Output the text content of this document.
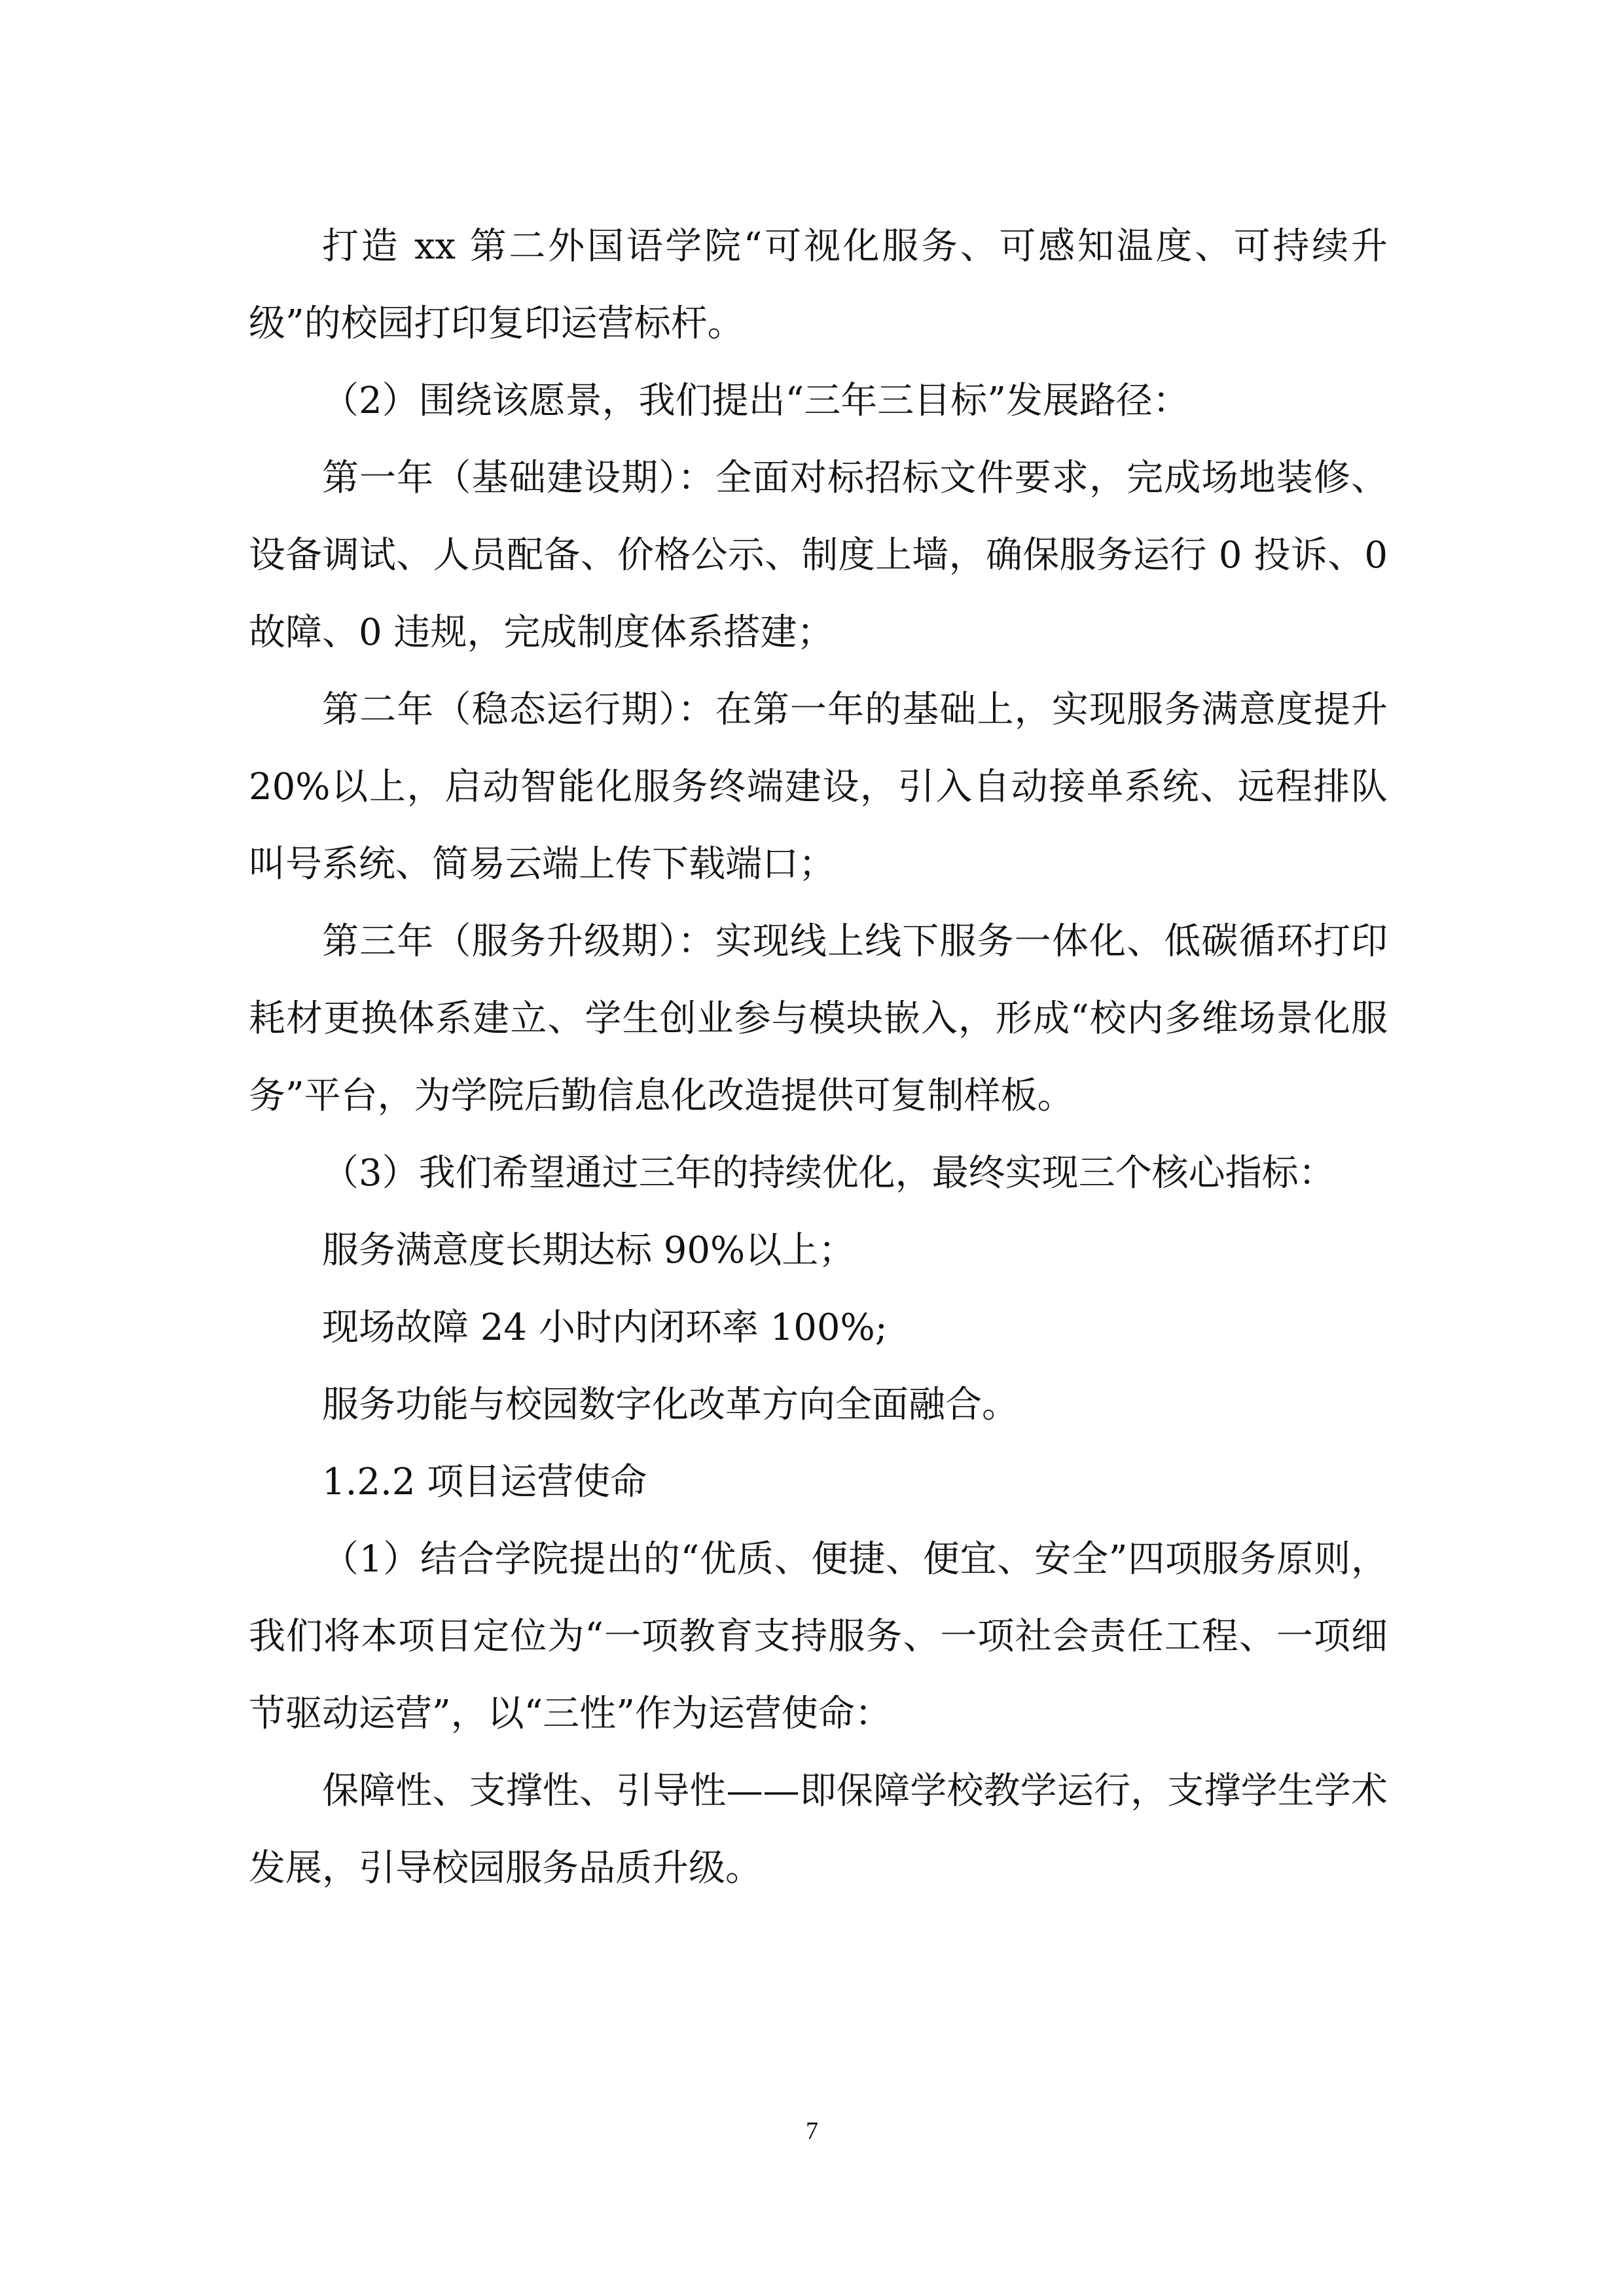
打造 xx 第二外国语学院“可视化服务、可感知温度、可持续升级”的校园打印复印运营标杆。

（2）围绕该愿景，我们提出“三年三目标”发展路径：

第一年（基础建设期）：全面对标招标文件要求，完成场地装修、设备调试、人员配备、价格公示、制度上墙，确保服务运行 0 投诉、0 故障、0 违规，完成制度体系搭建；

第二年（稳态运行期）：在第一年的基础上，实现服务满意度提升 20%以上，启动智能化服务终端建设，引入自动接单系统、远程排队叫号系统、简易云端上传下载端口；

第三年（服务升级期）：实现线上线下服务一体化、低碳循环打印耗材更换体系建立、学生创业参与模块嵌入，形成“校内多维场景化服务”平台，为学院后勤信息化改造提供可复制样板。

（3）我们希望通过三年的持续优化，最终实现三个核心指标：

服务满意度长期达标 90%以上；

现场故障 24 小时内闭环率 100%;

服务功能与校园数字化改革方向全面融合。

1.2.2 项目运营使命

（1）结合学院提出的“优质、便捷、便宜、安全”四项服务原则，我们将本项目定位为“一项教育支持服务、一项社会责任工程、一项细节驱动运营”，以“三性”作为运营使命：

保障性、支撑性、引导性——即保障学校教学运行，支撑学生学术发展，引导校园服务品质升级。

7
